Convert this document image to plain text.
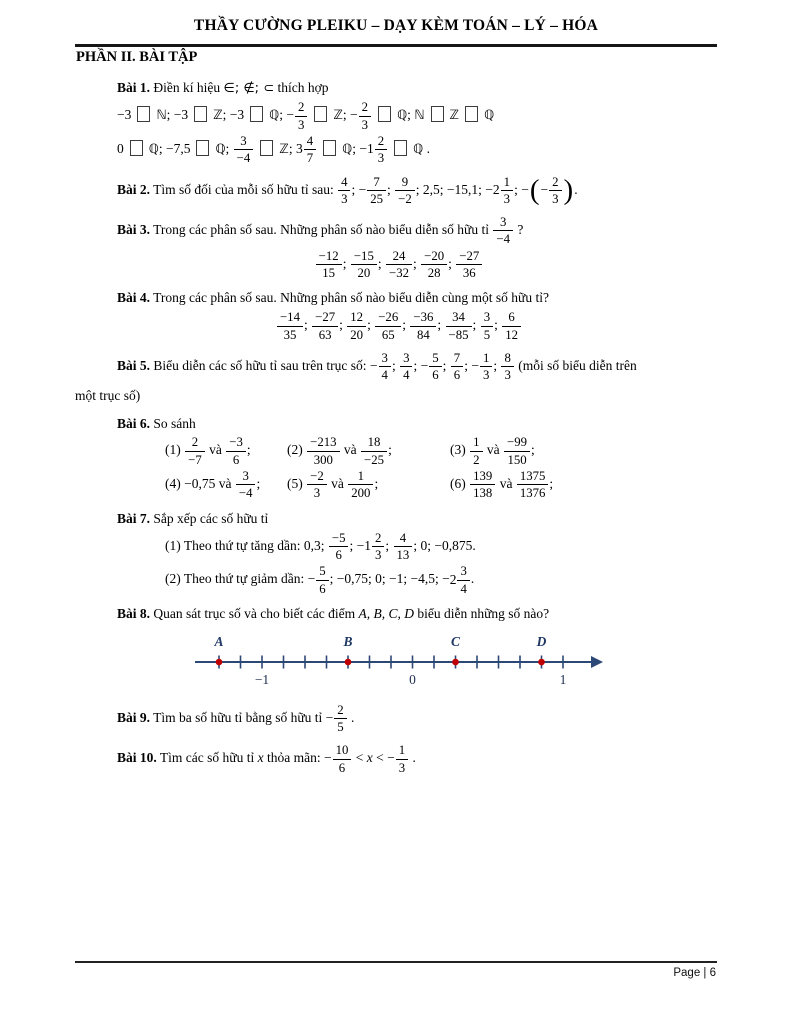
THẦY CƯỜNG PLEIKU – DẠY KÈM TOÁN – LÝ – HÓA
PHẦN II. BÀI TẬP
Bài 1. Điền kí hiệu ∈; ∉; ⊂ thích hợp
−3 ℕ; −3 ℤ; −3 ℚ; − $\frac{2}{3}$ ℤ; − $\frac{2}{3}$ ℚ; ℕ ℤ ℚ
0 ℚ; −7,5 ℚ; $\frac{3}{-4}$ ℤ; $3 \frac{4}{7}$ ℚ; − $1 \frac{2}{3}$ ℚ .
Bài 2. Tìm số đối của mỗi số hữu tỉ sau: $\frac{4}{3}$ ; − $\frac{7}{25}$ ; $\frac{9}{-2}$ ; 2,5; −15,1; − $2 \frac{1}{3}$ ; −(− $\frac{2}{3}$ ).
Bài 3. Trong các phân số sau. Những phân số nào biểu diễn số hữu tỉ $\frac{3}{-4}$ ?
$\frac{-12}{15}$ ; $\frac{-15}{20}$ ; $\frac{24}{-32}$ ; $\frac{-20}{28}$ ; $\frac{-27}{36}$
Bài 4. Trong các phân số sau. Những phân số nào biểu diễn cùng một số hữu tỉ?
$\frac{-14}{35}$ ; $\frac{-27}{63}$ ; $\frac{12}{20}$ ; $\frac{-26}{65}$ ; $\frac{-36}{84}$ ; $\frac{34}{-85}$ ; $\frac{3}{5}$ ; $\frac{6}{12}$
Bài 5. Biểu diễn các số hữu tỉ sau trên trục số: − $\frac{3}{4}$ ; $\frac{3}{4}$ ; − $\frac{5}{6}$ ; $\frac{7}{6}$ ; − $\frac{1}{3}$ ; $\frac{8}{3}$ (mỗi số biểu diễn trên
một trục số)
Bài 6. So sánh
$(1) \frac{2}{-7}$ và $\frac{-3}{6}$ ;	$(2) \frac{-213}{300}$ và $\frac{18}{-25}$ ;	$(3) \frac{1}{2}$ và $\frac{-99}{150}$ ;
(4) −0,75 và $\frac{3}{-4}$ ;	$(5) \frac{-2}{3}$ và $\frac{1}{200}$ ;	$(6) \frac{139}{138}$ và $\frac{1375}{1376}$ ;
Bài 7. Sắp xếp các số hữu tỉ
(1) Theo thứ tự tăng dần: 0,3; $\frac{-5}{6}$ ; − $1 \frac{2}{3}$ ; $\frac{4}{13}$ ; 0; −0,875.
(2) Theo thứ tự giảm dần: − $\frac{5}{6}$ ; −0,75; 0; −1; −4,5; − $2 \frac{3}{4}$ .
Bài 8. Quan sát trục số và cho biết các điểm A, B, C, D biểu diễn những số nào?
A	B	C	D
−1	0	1
Bài 9. Tìm ba số hữu tỉ bằng số hữu tỉ − $\frac{2}{5}$ .
Bài 10. Tìm các số hữu tỉ x thỏa mãn: − $\frac{10}{6} < x$ < − $\frac{1}{3}$ .
Page | 6
